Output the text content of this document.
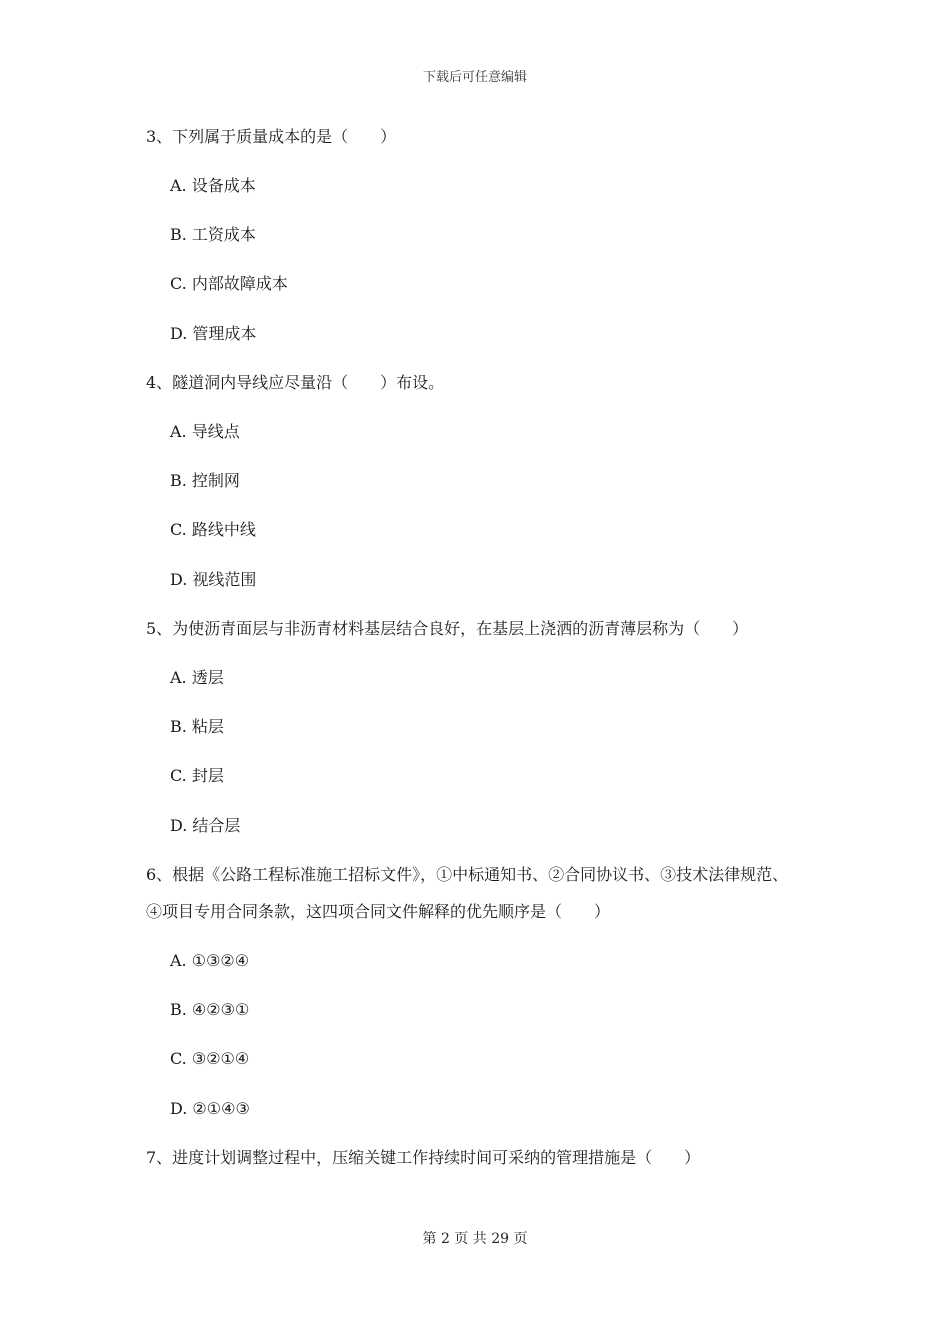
下载后可任意编辑
3、下列属于质量成本的是（　　）
A. 设备成本
B. 工资成本
C. 内部故障成本
D. 管理成本
4、隧道洞内导线应尽量沿（　　）布设。
A. 导线点
B. 控制网
C. 路线中线
D. 视线范围
5、为使沥青面层与非沥青材料基层结合良好，在基层上浇洒的沥青薄层称为（　　）
A. 透层
B. 粘层
C. 封层
D. 结合层
6、根据《公路工程标准施工招标文件》，①中标通知书、②合同协议书、③技术法律规范、
④项目专用合同条款，这四项合同文件解释的优先顺序是（　　）
A. ①③②④
B. ④②③①
C. ③②①④
D. ②①④③
7、进度计划调整过程中，压缩关键工作持续时间可采纳的管理措施是（　　）
第 2 页 共 29 页
